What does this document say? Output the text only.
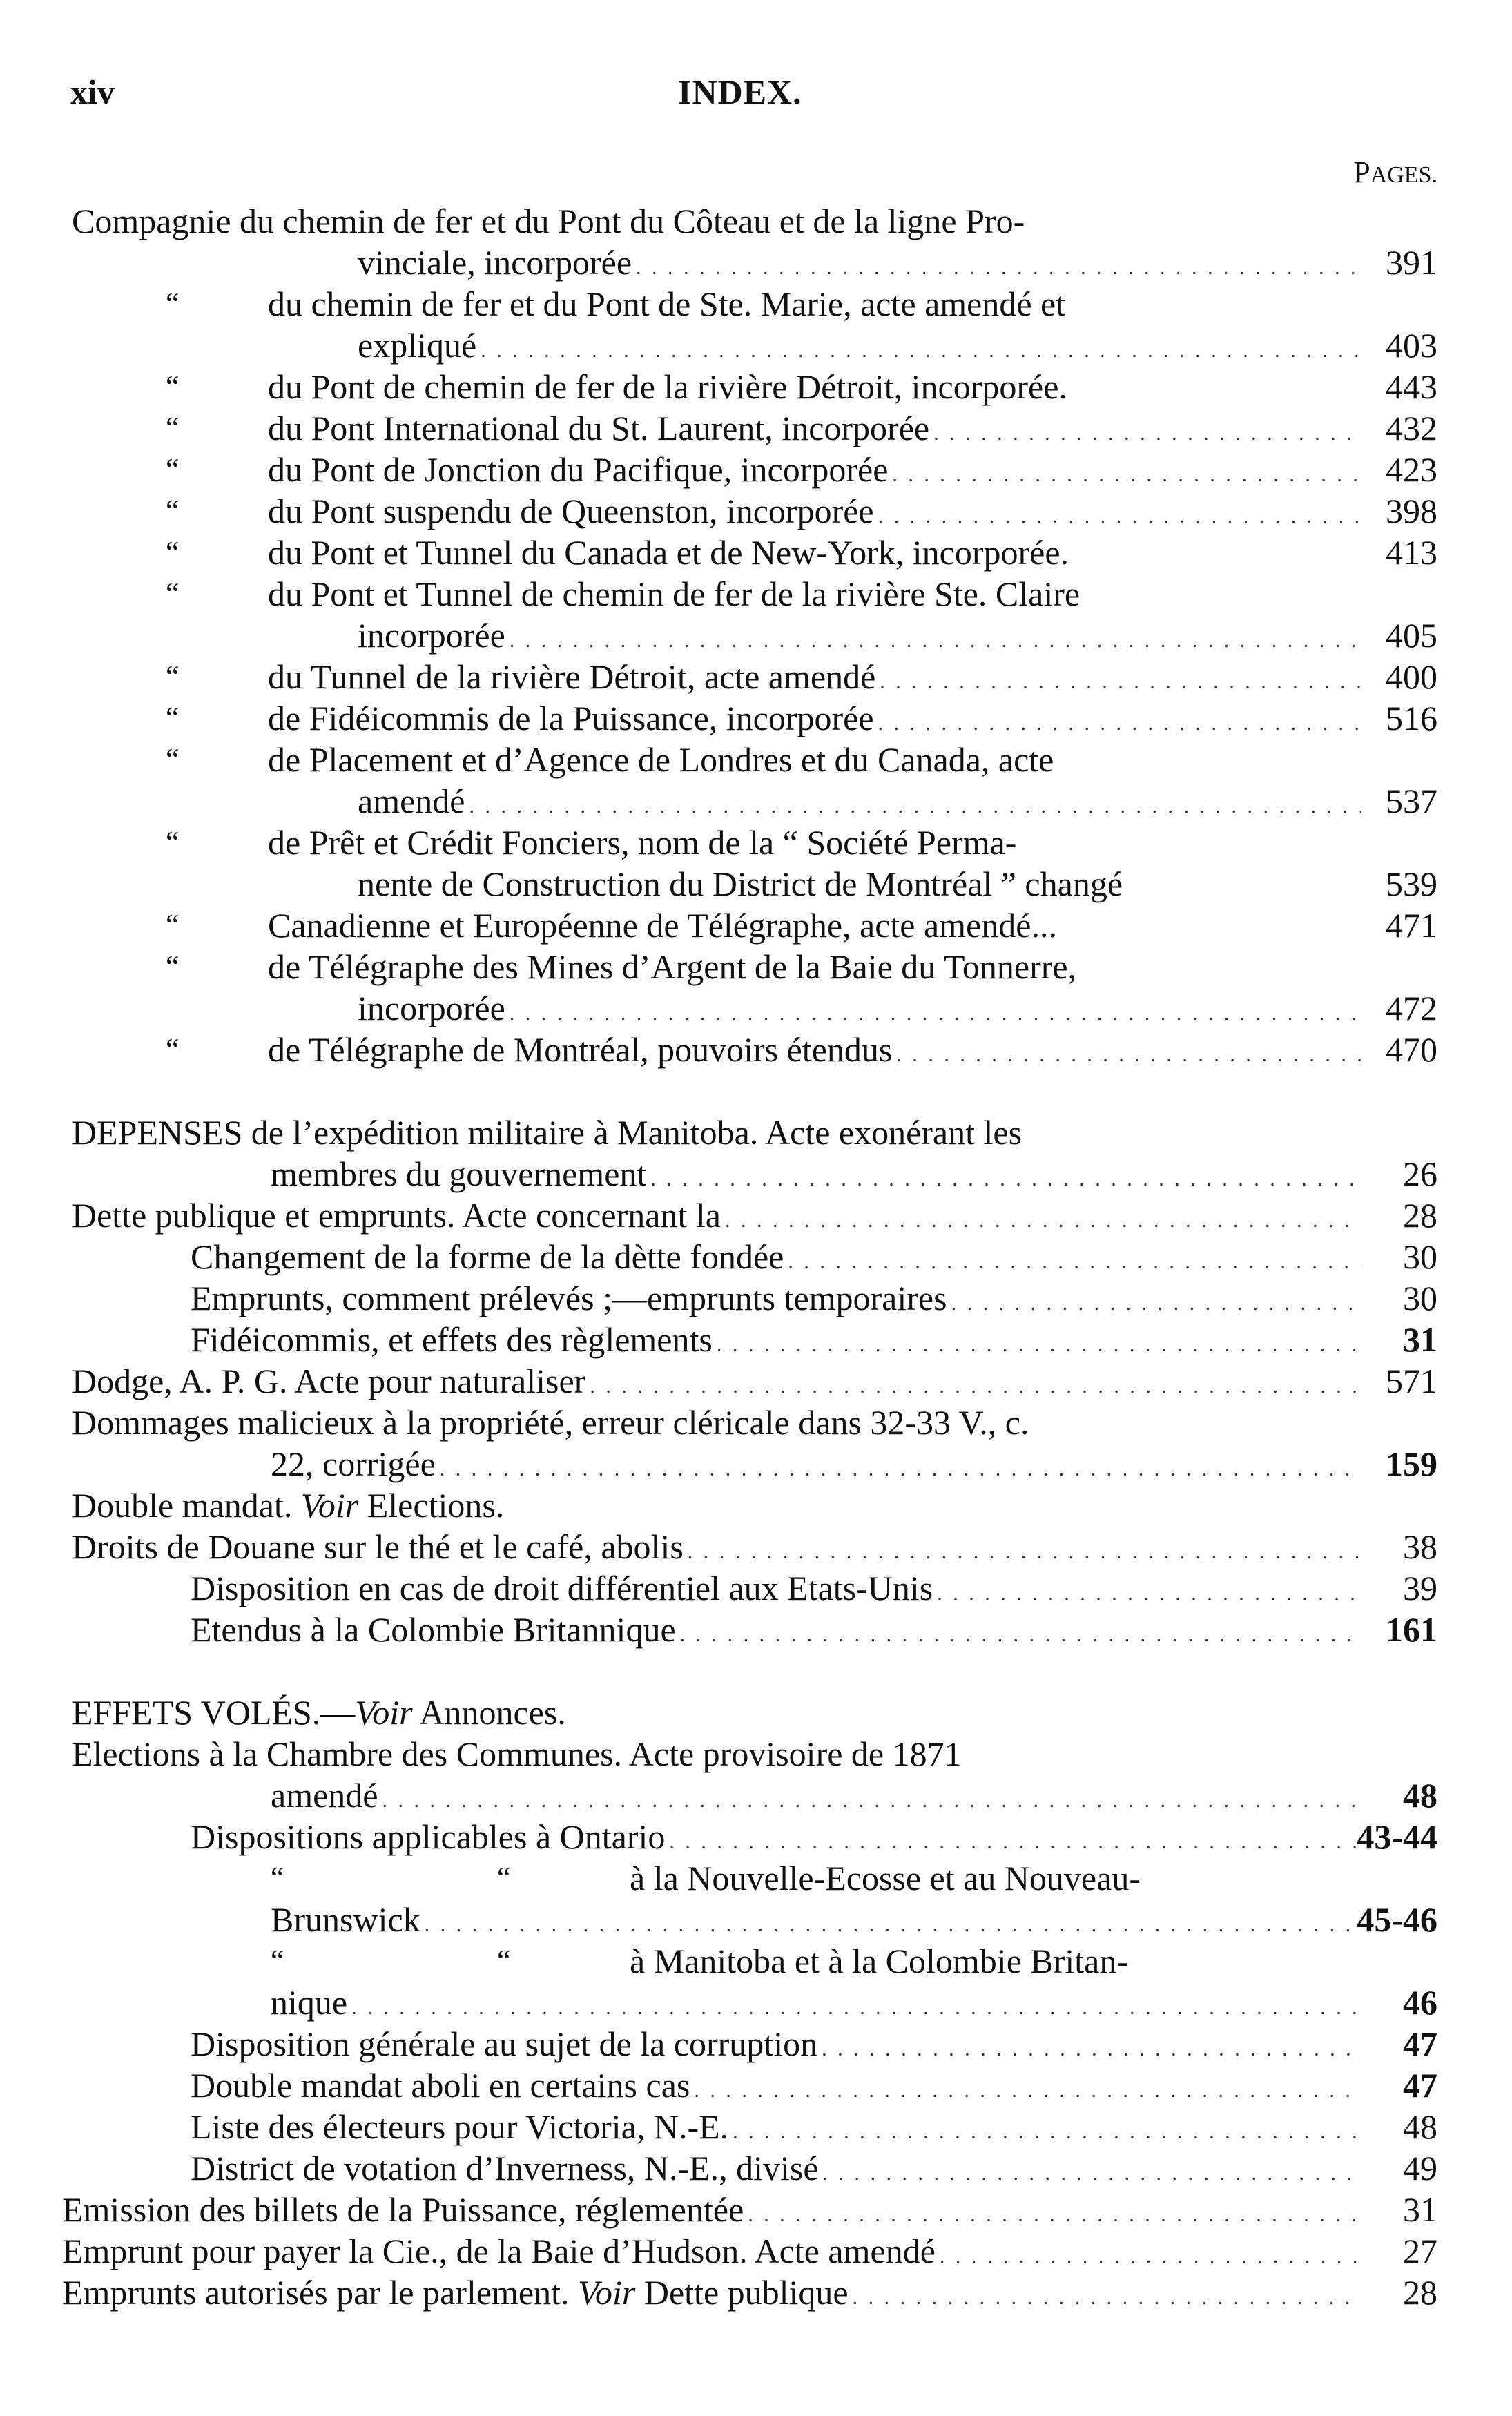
xiv	INDEX.
PAGES.
Compagnie du chemin de fer et du Pont du Côteau et de la ligne Pro-
vinciale, incorporée . . .	391
“	du chemin de fer et du Pont de Ste. Marie, acte amendé et
expliqué . . .	403
“	du Pont de chemin de fer de la rivière Détroit, incorporée.	443
“	du Pont International du St. Laurent, incorporée . . .	432
“	du Pont de Jonction du Pacifique, incorporée . . .	423
“	du Pont suspendu de Queenston, incorporée . . .	398
“	du Pont et Tunnel du Canada et de New-York, incorporée.	413
“	du Pont et Tunnel de chemin de fer de la rivière Ste. Claire
incorporée . . .	405
“	du Tunnel de la rivière Détroit, acte amendé . . .	400
“	de Fidéicommis de la Puissance, incorporée . . .	516
“	de Placement et d’Agence de Londres et du Canada, acte
amendé . . .	537
“	de Prêt et Crédit Fonciers, nom de la “ Société Perma-
nente de Construction du District de Montréal ” changé	539
“	Canadienne et Européenne de Télégraphe, acte amendé...	471
“	de Télégraphe des Mines d’Argent de la Baie du Tonnerre,
incorporée . . .	472
“	de Télégraphe de Montréal, pouvoirs étendus . . .	470
DEPENSES de l’expédition militaire à Manitoba. Acte exonérant les
membres du gouvernement . . .	26
Dette publique et emprunts. Acte concernant la . . .	28
Changement de la forme de la dètte fondée . . .	30
Emprunts, comment prélevés ;—emprunts temporaires . . .	30
Fidéicommis, et effets des règlements . . .	31
Dodge, A. P. G. Acte pour naturaliser . . .	571
Dommages malicieux à la propriété, erreur cléricale dans 32-33 V., c.
22, corrigée . . .	159
Double mandat. Voir Elections.
Droits de Douane sur le thé et le café, abolis . . .	38
Disposition en cas de droit différentiel aux Etats-Unis . . .	39
Etendus à la Colombie Britannique . . .	161
EFFETS VOLÉS.—Voir Annonces.
Elections à la Chambre des Communes. Acte provisoire de 1871
amendé . . .	48
Dispositions applicables à Ontario . . .	43-44
“	“	à la Nouvelle-Ecosse et au Nouveau-
Brunswick . . .	45-46
“	“	à Manitoba et à la Colombie Britan-
nique . . .	46
Disposition générale au sujet de la corruption . . .	47
Double mandat aboli en certains cas . . .	47
Liste des électeurs pour Victoria, N.-E. . . .	48
District de votation d’Inverness, N.-E., divisé . . .	49
Emission des billets de la Puissance, réglementée . . .	31
Emprunt pour payer la Cie., de la Baie d’Hudson. Acte amendé . . .	27
Emprunts autorisés par le parlement. Voir Dette publique . . .	28
